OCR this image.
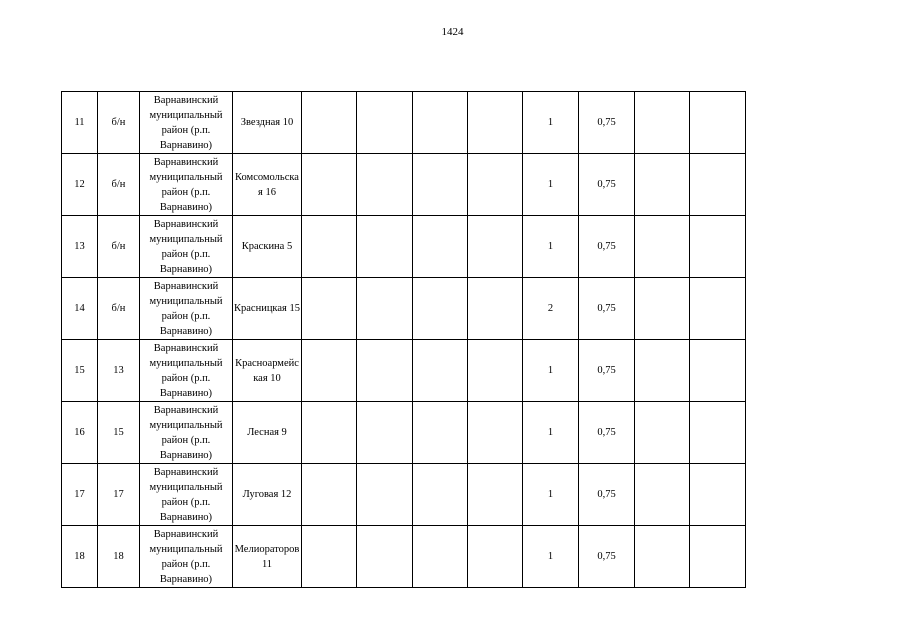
1424
11	б/н	Варнавинский
муниципальный
район (р.п.
Варнавино)	Звездная 10					1	0,75		
12	б/н	Варнавинский
муниципальный
район (р.п.
Варнавино)	Комсомольская 16					1	0,75		
13	б/н	Варнавинский
муниципальный
район (р.п.
Варнавино)	Краскина 5					1	0,75		
14	б/н	Варнавинский
муниципальный
район (р.п.
Варнавино)	Красницкая 15					2	0,75		
15	13	Варнавинский
муниципальный
район (р.п.
Варнавино)	Красноармейская 10					1	0,75		
16	15	Варнавинский
муниципальный
район (р.п.
Варнавино)	Лесная 9					1	0,75		
17	17	Варнавинский
муниципальный
район (р.п.
Варнавино)	Луговая 12					1	0,75		
18	18	Варнавинский
муниципальный
район (р.п.
Варнавино)	Мелиораторов 11					1	0,75		
